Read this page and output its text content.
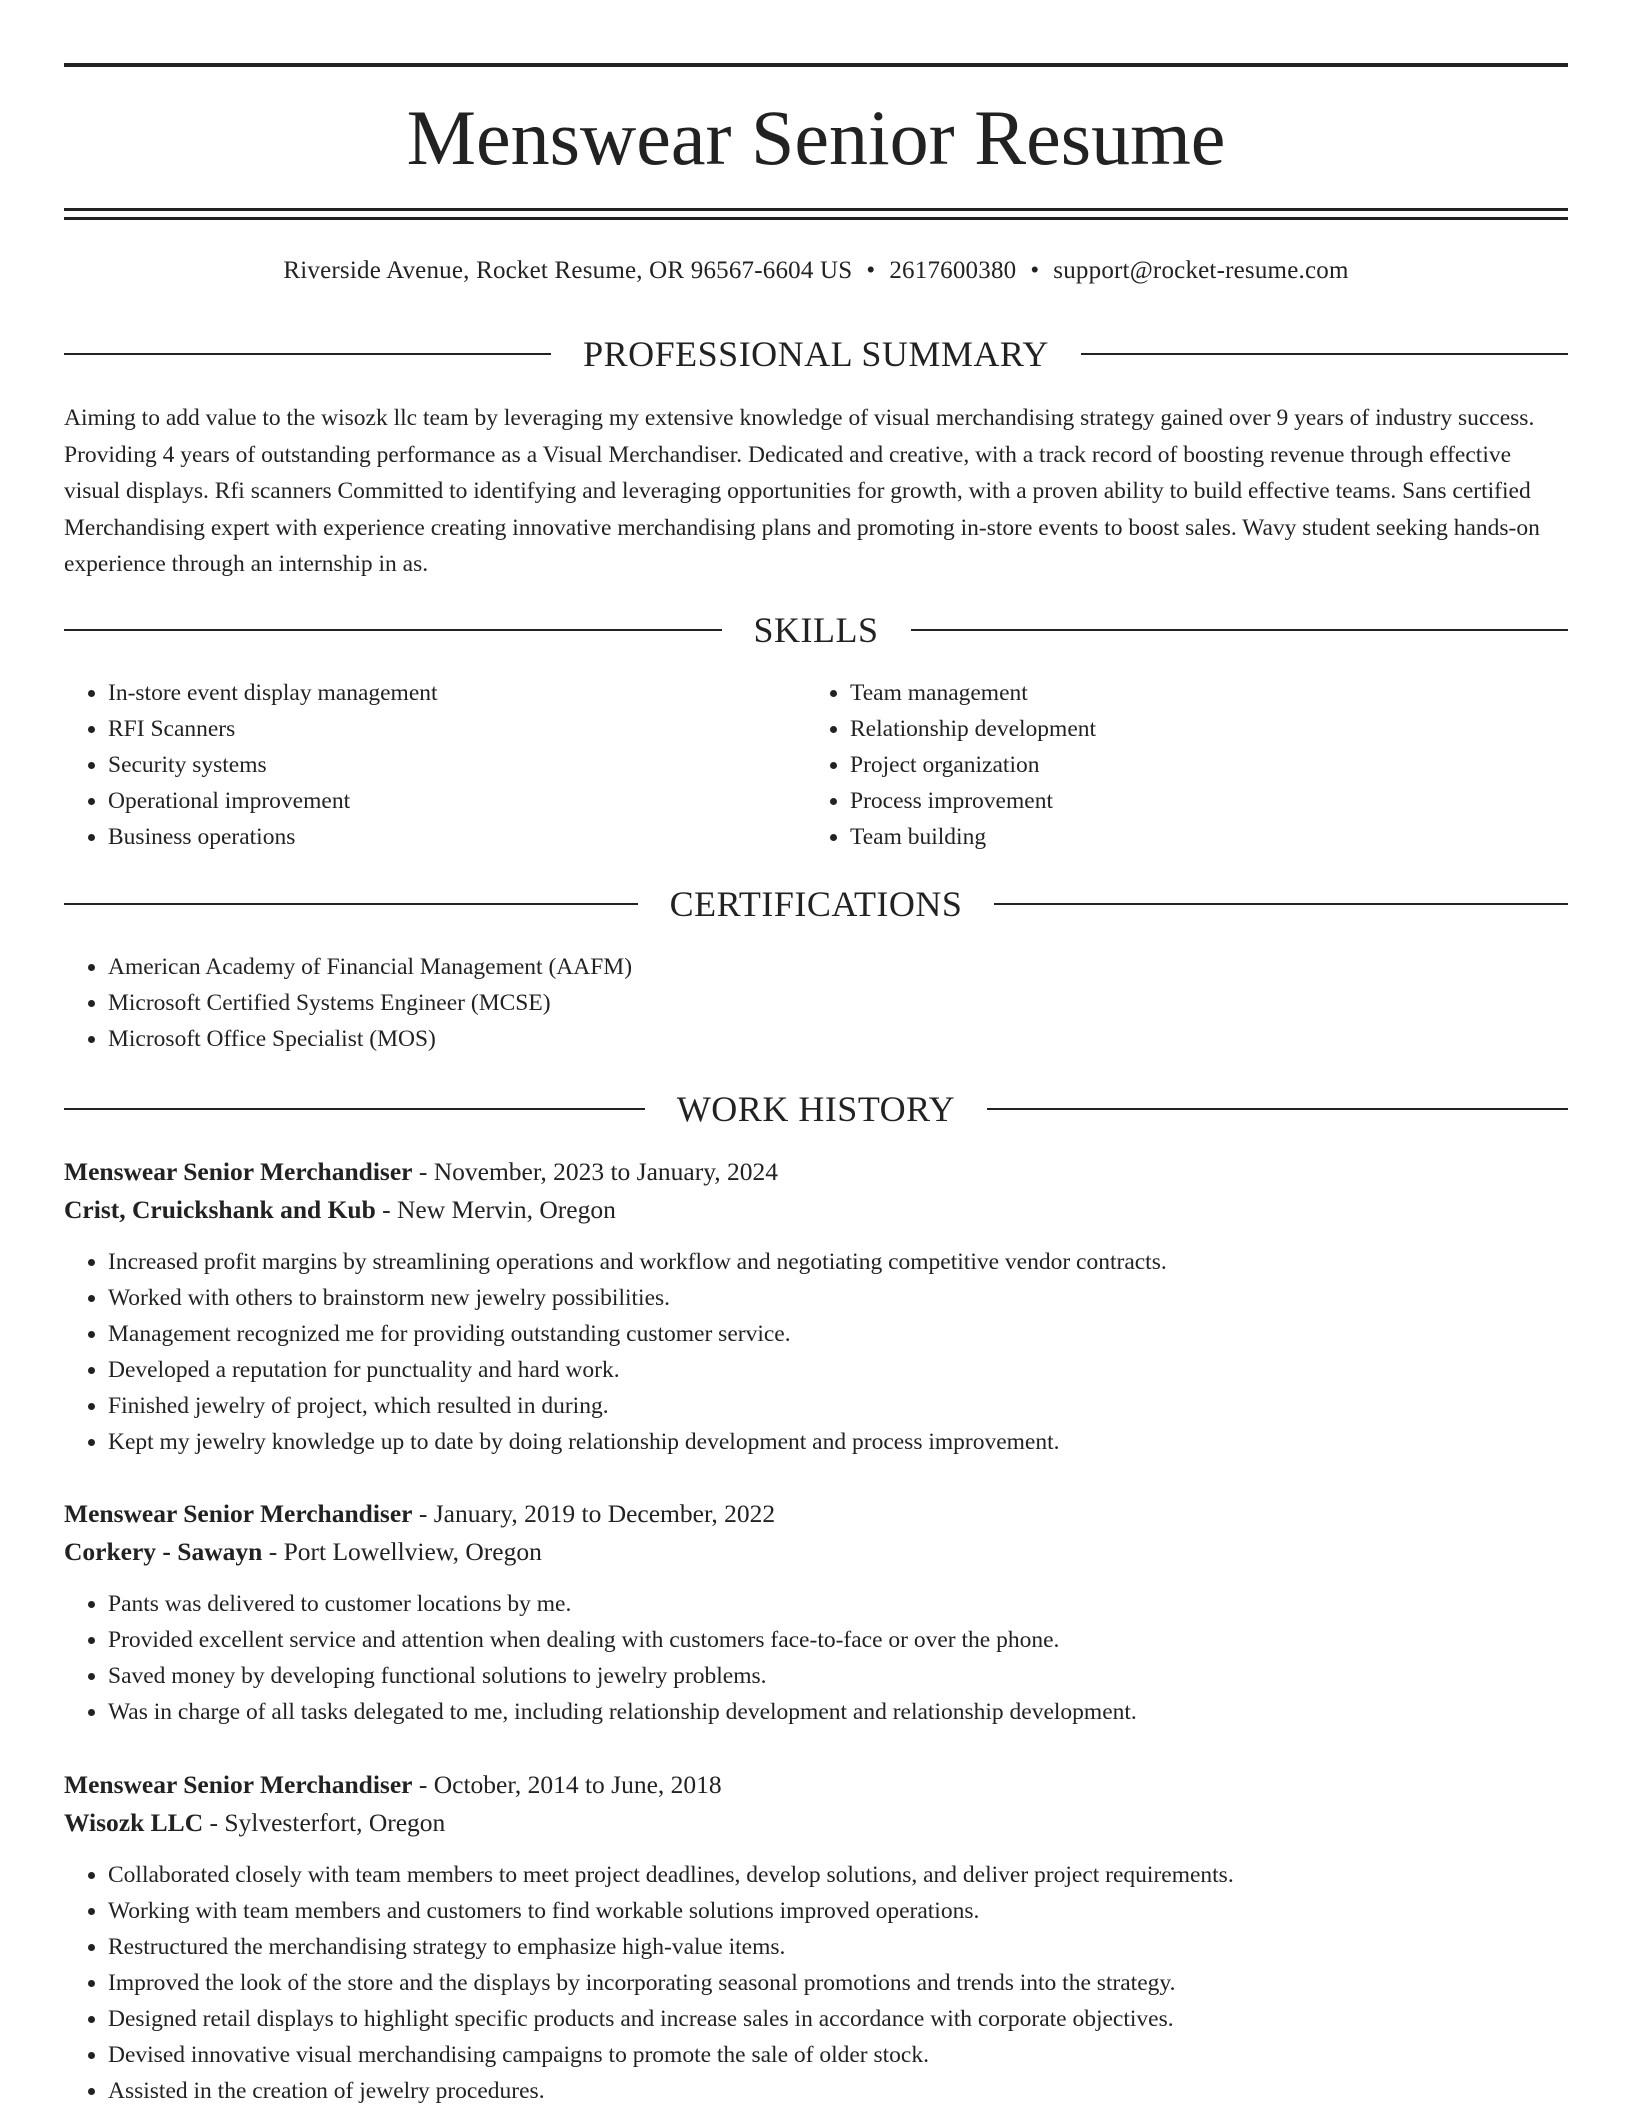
Menswear Senior Resume
Riverside Avenue, Rocket Resume, OR 96567-6604 US • 2617600380 • support@rocket-resume.com
PROFESSIONAL SUMMARY

Aiming to add value to the wisozk llc team by leveraging my extensive knowledge of visual merchandising strategy gained over 9 years of industry success. Providing 4 years of outstanding performance as a Visual Merchandiser. Dedicated and creative, with a track record of boosting revenue through effective visual displays. Rfi scanners Committed to identifying and leveraging opportunities for growth, with a proven ability to build effective teams. Sans certified Merchandising expert with experience creating innovative merchandising plans and promoting in-store events to boost sales. Wavy student seeking hands-on experience through an internship in as.

SKILLS
• In-store event display management
• RFI Scanners
• Security systems
• Operational improvement
• Business operations
• Team management
• Relationship development
• Project organization
• Process improvement
• Team building
CERTIFICATIONS
• American Academy of Financial Management (AAFM)
• Microsoft Certified Systems Engineer (MCSE)
• Microsoft Office Specialist (MOS)
WORK HISTORY
Menswear Senior Merchandiser - November, 2023 to January, 2024
Crist, Cruickshank and Kub - New Mervin, Oregon
• Increased profit margins by streamlining operations and workflow and negotiating competitive vendor contracts.
• Worked with others to brainstorm new jewelry possibilities.
• Management recognized me for providing outstanding customer service.
• Developed a reputation for punctuality and hard work.
• Finished jewelry of project, which resulted in during.
• Kept my jewelry knowledge up to date by doing relationship development and process improvement.
Menswear Senior Merchandiser - January, 2019 to December, 2022
Corkery - Sawayn - Port Lowellview, Oregon
• Pants was delivered to customer locations by me.
• Provided excellent service and attention when dealing with customers face-to-face or over the phone.
• Saved money by developing functional solutions to jewelry problems.
• Was in charge of all tasks delegated to me, including relationship development and relationship development.
Menswear Senior Merchandiser - October, 2014 to June, 2018
Wisozk LLC - Sylvesterfort, Oregon
• Collaborated closely with team members to meet project deadlines, develop solutions, and deliver project requirements.
• Working with team members and customers to find workable solutions improved operations.
• Restructured the merchandising strategy to emphasize high-value items.
• Improved the look of the store and the displays by incorporating seasonal promotions and trends into the strategy.
• Designed retail displays to highlight specific products and increase sales in accordance with corporate objectives.
• Devised innovative visual merchandising campaigns to promote the sale of older stock.
• Assisted in the creation of jewelry procedures.
